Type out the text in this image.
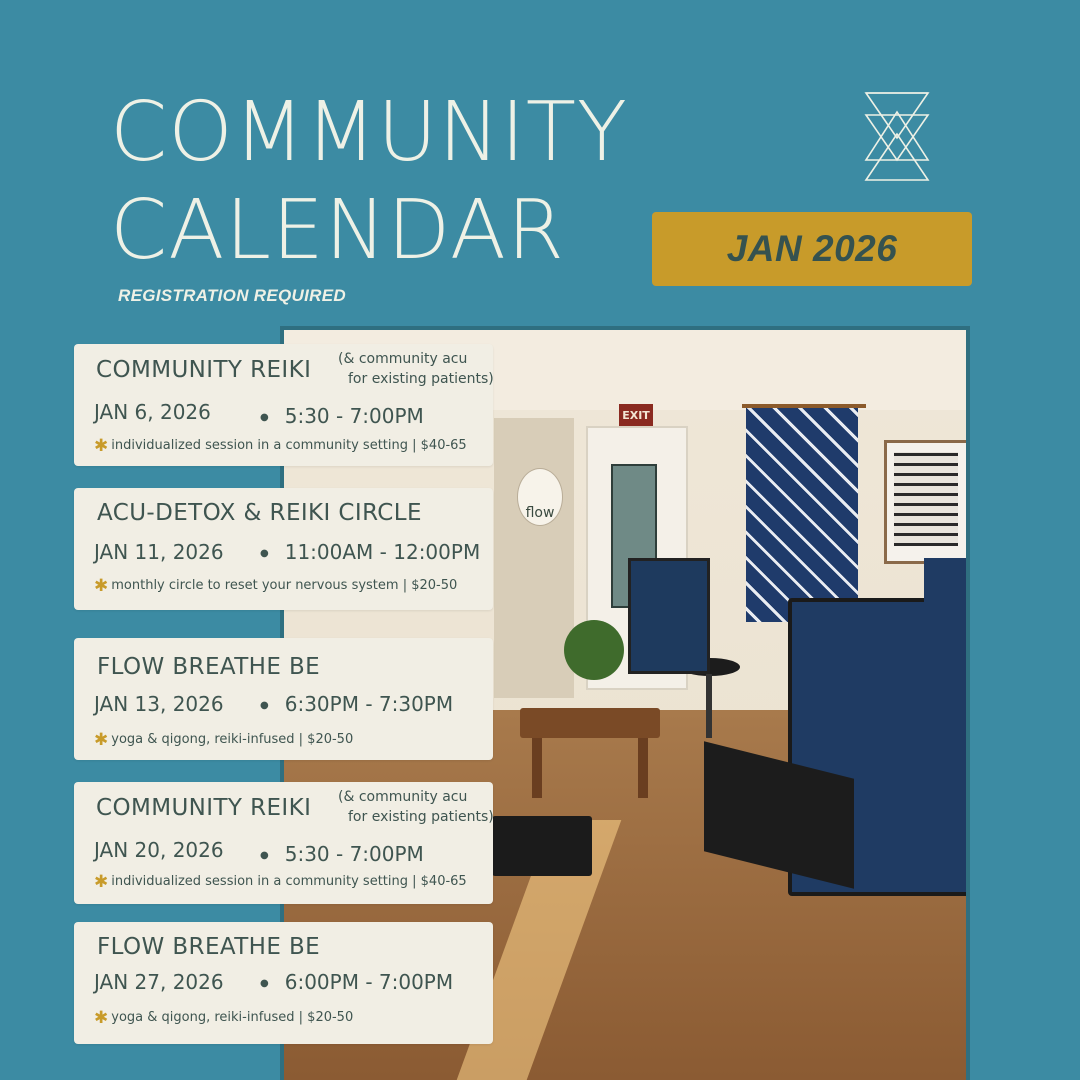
COMMUNITY
CALENDAR
REGISTRATION REQUIRED
JAN 2026
flow
EXIT
COMMUNITY REIKI (& community acu
for existing patients)
JAN 6, 2026	● 5:30 - 7:00PM
✱ individualized session in a community setting | $40-65
ACU-DETOX & REIKI CIRCLE
JAN 11, 2026	● 11:00AM - 12:00PM
✱ monthly circle to reset your nervous system | $20-50
FLOW BREATHE BE
JAN 13, 2026	● 6:30PM - 7:30PM
✱ yoga & qigong, reiki-infused | $20-50
COMMUNITY REIKI (& community acu
for existing patients)
JAN 20, 2026	● 5:30 - 7:00PM
✱ individualized session in a community setting | $40-65
FLOW BREATHE BE
JAN 27, 2026	● 6:00PM - 7:00PM
✱ yoga & qigong, reiki-infused | $20-50
